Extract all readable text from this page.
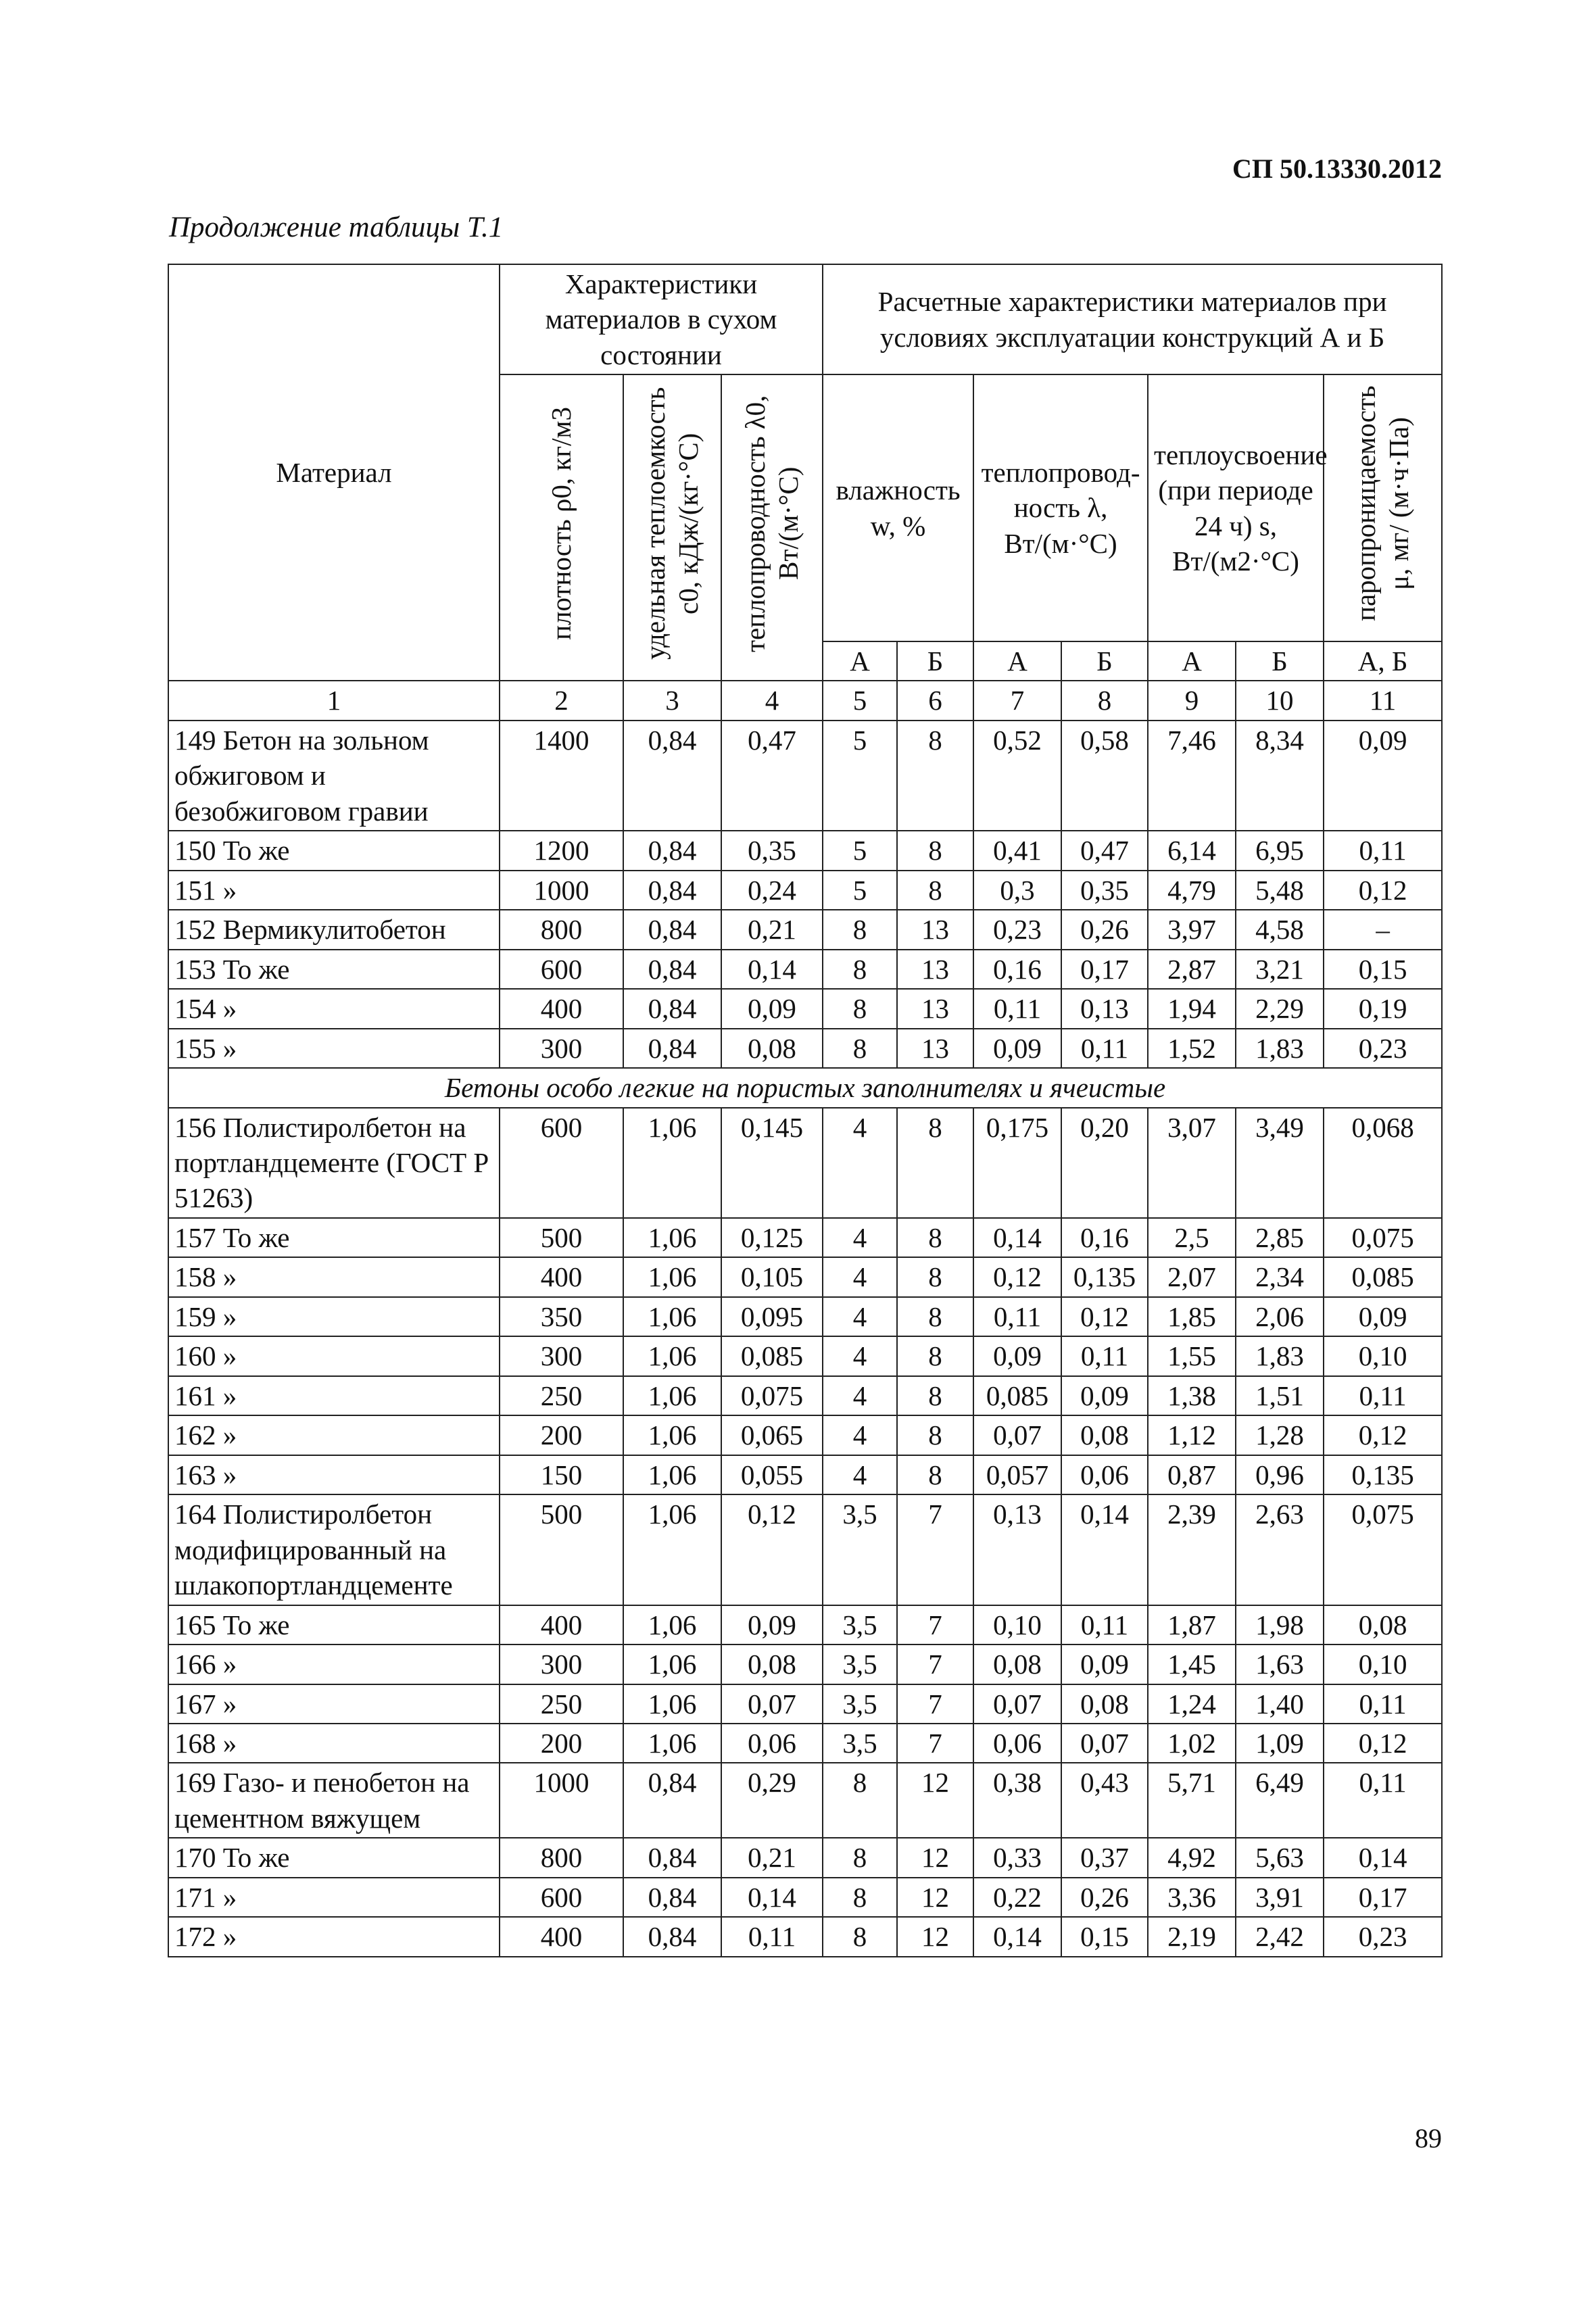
СП 50.13330.2012
Продолжение таблицы Т.1
Материал	Характеристики материалов в сухом состоянии			Расчетные характеристики материалов при условиях эксплуатации конструкций А и Б						
	плотность ρ0, кг/м3	удельная теплоемкость с0, кДж/(кг·°С)	теплопроводность λ0, Вт/(м·°С)	влажность w, %		теплопроводность λ, Вт/(м·°С)		теплоусвоение (при периоде 24 ч) s, Вт/(м2·°С)		паропроницаемость μ, мг/ (м·ч·Па)
				А	Б	А	Б	А	Б	А, Б
1	2	3	4	5	6	7	8	9	10	11
149 Бетон на зольном обжиговом и безобжиговом гравии	1400	0,84	0,47	5	8	0,52	0,58	7,46	8,34	0,09
150 То же	1200	0,84	0,35	5	8	0,41	0,47	6,14	6,95	0,11
151 »	1000	0,84	0,24	5	8	0,3	0,35	4,79	5,48	0,12
152 Вермикулитобетон	800	0,84	0,21	8	13	0,23	0,26	3,97	4,58	–
153 То же	600	0,84	0,14	8	13	0,16	0,17	2,87	3,21	0,15
154 »	400	0,84	0,09	8	13	0,11	0,13	1,94	2,29	0,19
155 »	300	0,84	0,08	8	13	0,09	0,11	1,52	1,83	0,23
Бетоны особо легкие на пористых заполнителях и ячеистые										
156 Полистиролбетон на портландцементе (ГОСТ Р 51263)	600	1,06	0,145	4	8	0,175	0,20	3,07	3,49	0,068
157 То же	500	1,06	0,125	4	8	0,14	0,16	2,5	2,85	0,075
158 »	400	1,06	0,105	4	8	0,12	0,135	2,07	2,34	0,085
159 »	350	1,06	0,095	4	8	0,11	0,12	1,85	2,06	0,09
160 »	300	1,06	0,085	4	8	0,09	0,11	1,55	1,83	0,10
161 »	250	1,06	0,075	4	8	0,085	0,09	1,38	1,51	0,11
162 »	200	1,06	0,065	4	8	0,07	0,08	1,12	1,28	0,12
163 »	150	1,06	0,055	4	8	0,057	0,06	0,87	0,96	0,135
164 Полистиролбетон модифицированный на шлакопортландцементе	500	1,06	0,12	3,5	7	0,13	0,14	2,39	2,63	0,075
165 То же	400	1,06	0,09	3,5	7	0,10	0,11	1,87	1,98	0,08
166 »	300	1,06	0,08	3,5	7	0,08	0,09	1,45	1,63	0,10
167 »	250	1,06	0,07	3,5	7	0,07	0,08	1,24	1,40	0,11
168 »	200	1,06	0,06	3,5	7	0,06	0,07	1,02	1,09	0,12
169 Газо- и пенобетон на цементном вяжущем	1000	0,84	0,29	8	12	0,38	0,43	5,71	6,49	0,11
170 То же	800	0,84	0,21	8	12	0,33	0,37	4,92	5,63	0,14
171 »	600	0,84	0,14	8	12	0,22	0,26	3,36	3,91	0,17
172 »	400	0,84	0,11	8	12	0,14	0,15	2,19	2,42	0,23
89
